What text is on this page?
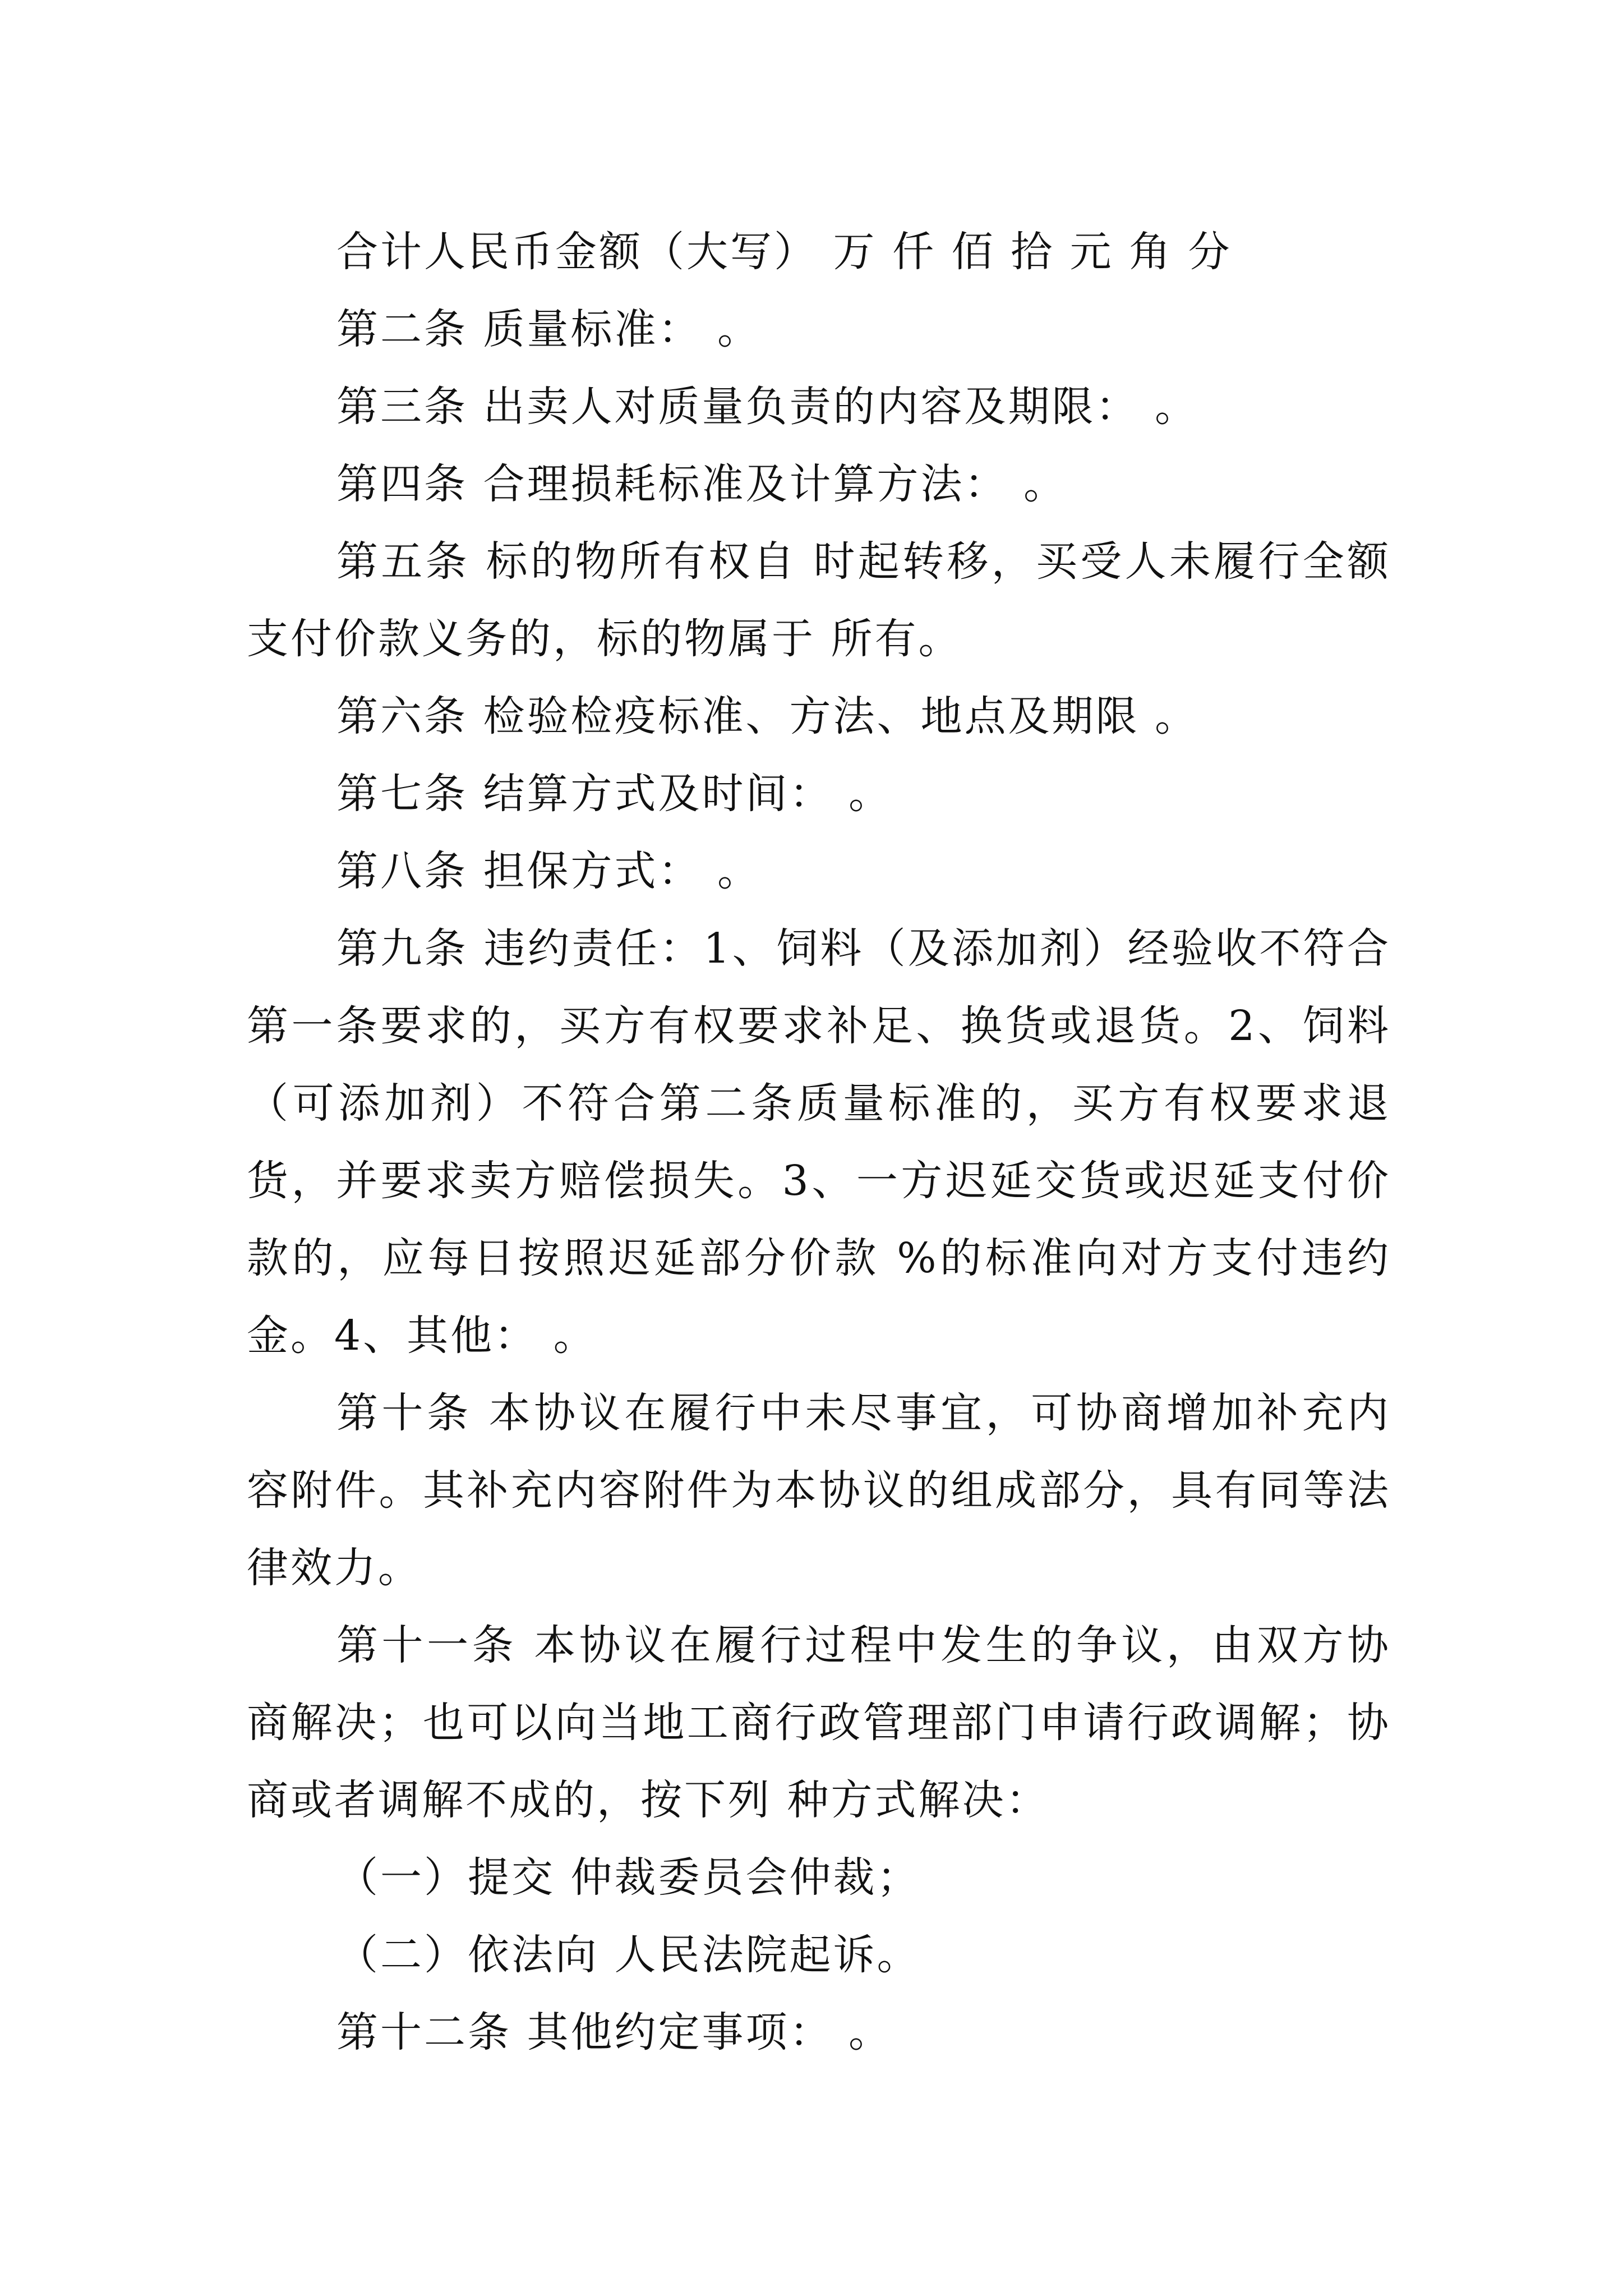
合计人民币金额（大写） 万 仟 佰 拾 元 角 分

第二条 质量标准： 。

第三条 出卖人对质量负责的内容及期限： 。

第四条 合理损耗标准及计算方法： 。

第五条 标的物所有权自 时起转移，买受人未履行全额支付价款义务的，标的物属于 所有。

第六条 检验检疫标准、方法、地点及期限 。

第七条 结算方式及时间： 。

第八条 担保方式： 。

第九条 违约责任：1、饲料（及添加剂）经验收不符合第一条要求的，买方有权要求补足、换货或退货。2、饲料（可添加剂）不符合第二条质量标准的，买方有权要求退货，并要求卖方赔偿损失。3、一方迟延交货或迟延支付价款的，应每日按照迟延部分价款 %的标准向对方支付违约金。4、其他： 。

第十条 本协议在履行中未尽事宜，可协商增加补充内容附件。其补充内容附件为本协议的组成部分，具有同等法律效力。

第十一条 本协议在履行过程中发生的争议，由双方协商解决；也可以向当地工商行政管理部门申请行政调解；协商或者调解不成的，按下列 种方式解决：

（一）提交 仲裁委员会仲裁；

（二）依法向 人民法院起诉。

第十二条 其他约定事项： 。
